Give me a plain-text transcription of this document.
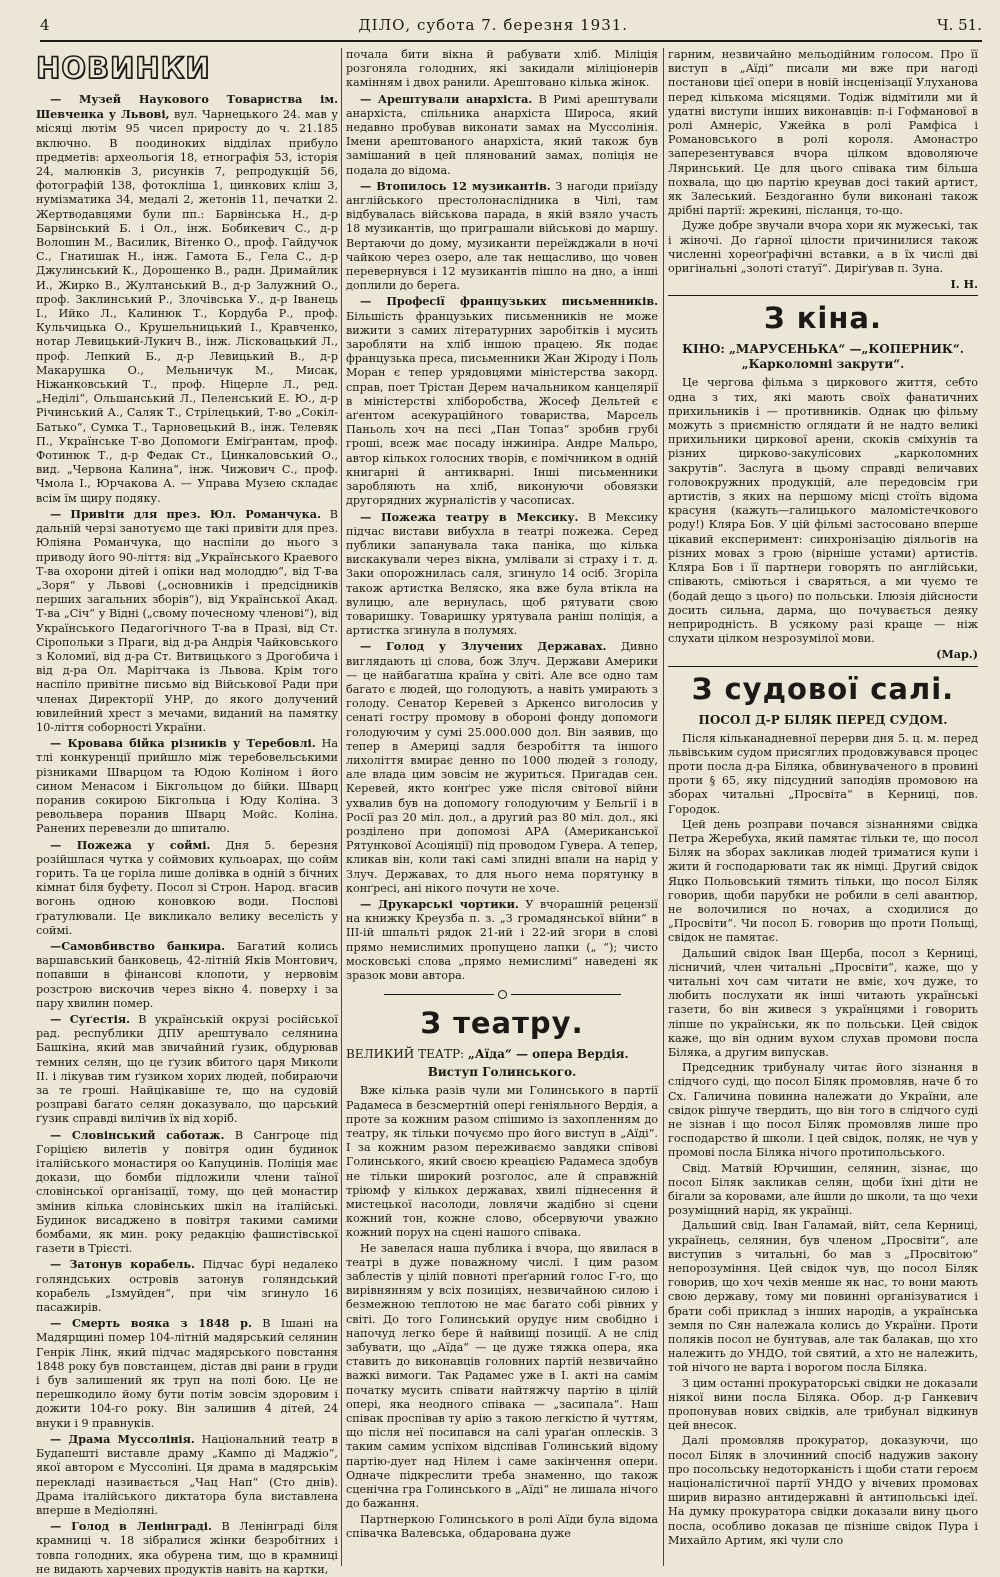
4	ДІЛО, субота 7. березня 1931.	Ч. 51.
НОВИНКИ

— Музей Наукового Товариства ім. Шевченка у Львові, вул. Чарнецького 24. мав у місяці лютім 95 чисел приросту до ч. 21.185 включно. В поодиноких відділах прибуло предметів: археольогія 18, етнографія 53, історія 24, малюнків 3, рисунків 7, репродукцій 56, фотографій 138, фотокліша 1, цинкових кліш 3, нумізматика 34, медалі 2, жетонів 11, печатки 2. Жертводавцями були пп.: Барвінська Н., д-р Барвінський Б. і Ол., інж. Бобикевич С., д-р Волошин М., Василик, Вітенко О., проф. Гайдучок С., Гнатишак Н., інж. Гамота Б., Гела С., д-р Джулинський К., Дорошенко В., радн. Дримайлик И., Жирко В., Жултанський В., д-р Залужний О., проф. Заклинський Р., Злочівська У., д-р Іванець І., Ийко Л., Калинюк Т., Кордуба Р., проф. Кульчицька О., Крушельницький І., Кравченко, нотар Левицький-Лукич В., інж. Лісковацький Л., проф. Лепкий Б., д-р Левицький В., д-р Макарушка О., Мельничук М., Мисак, Ніжанковський Т., проф. Ніцерле Л., ред. „Неділі“, Ольшанський Л., Пеленський Е. Ю., д-р Річинський А., Саляк Т., Стрілецький, Т-во „Сокіл-Батько“, Сумка Т., Тарновецький В., інж. Телевяк П., Українське Т-во Допомоги Еміґрантам, проф. Фотинюк Т., д-р Федак Ст., Цинкаловський О., вид. „Червона Калина“, інж. Чижович С., проф. Чмола І., Юрчакова А. — Управа Музею складає всім їм щиру подяку.

— Привіти для през. Юл. Романчука. В дальній черзі занотуємо ще такі привіти для през. Юліяна Романчука, що наспіли до нього з приводу його 90-ліття: від „Українського Краевого Т-ва охорони дітей і опіки над молоддю“, від Т-ва „Зоря“ у Львові („основників і предсідників перших загальних зборів“), від Української Акад. Т-ва „Січ“ у Відні („свому почесному членові“), від Українського Педагогічного Т-ва в Празі, від Ст. Сіропольки з Праги, від д-ра Андрія Чайковського з Коломиї, від д-ра Ст. Витвицького з Дрогобича і від д-ра Ол. Марітчака із Львова. Крім того наспіло привітне письмо від Військової Ради при членах Директорії УНР, до якого долучений ювилейний хрест з мечами, виданий на памятку 10-ліття соборності України.

— Кровава бійка різників у Теребовлі. На тлі конкуренції прийшло між теребовельськими різниками Шварцом та Юдою Коліном і його сином Менасом і Бікгольцом до бійки. Шварц поранив сокирою Бікгольца і Юду Коліна. З револьвера поранив Шварц Мойс. Коліна. Ранених перевезли до шпиталю.

— Пожежа у соймі. Дня 5. березня розійшлася чутка у соймових кульоарах, що сойм горить. Та це горіла лише долівка в одній з бічних кімнат біля буфету. Посол зі Строн. Народ. вгасив вогонь одною коновкою води. Послові ґратулювали. Це викликало велику веселість у соймі.

—Самовбивство банкира. Багатий колись варшавський банковець, 42-літній Яків Монтович, попавши в фінансові клопоти, у нервовім розстрою вискочив через вікно 4. поверху і за пару хвилин помер.

— Суґестія. В українській окрузі російської рад. республики ДПУ арештувало селянина Башкіна, який мав звичайний ґузик, обдурював темних селян, що це ґузик вбитого царя Миколи II. і лікував тим ґузиком хорих людей, побираючи за те гроші. Найцікавіше те, що на судовій розправі багато селян доказувало, що царський ґузик справді вилічив їх від хоріб.

— Словінський саботаж. В Сангроце під Горіцією вилетів у повітря один будинок італійського монастиря оо Капуцинів. Поліція має докази, що бомби підложили члени таїної словінської організації, тому, що цей монастир змінив кілька словінських шкіл на італійські. Будинок висаджено в повітря такими самими бомбами, як мин. року редакцію фашистівської газети в Трієсті.

— Затонув корабель. Підчас бурі недалеко голяндських островів затонув голяндський корабель „Ізмуйден“, при чім згинуло 16 пасажирів.

— Смерть вояка з 1848 р. В Ішані на Мадярщині помер 104-літній мадярський селянин Генрік Лінк, який підчас мадярського повстання 1848 року був повстанцем, дістав дві рани в груди і був залишений як труп на полі бою. Це не перешкодило йому бути потім зовсім здоровим і дожити 104-го року. Він залишив 4 дітей, 24 внуки і 9 правнуків.

— Драма Муссолінія. Національний театр в Будапешті виставле драму „Кампо ді Маджіо“, якої автором є Муссоліні. Ця драма в мадярськім перекладі називається „Чац Нап“ (Сто днів). Драма італійського диктатора була виставлена вперше в Медіоляні.

— Голод в Ленінграді. В Ленінграді біля крамниці ч. 18 зібралися жінки безробітних і товпа голодних, яка обурена тим, що в крамниці не видають харчевих продуктів навіть на картки,

почала бити вікна й рабувати хліб. Міліція розгоняла голодних, які закидали міліціонерів камінням і двох ранили. Арештовано кілька жінок.

— Арештували анархіста. В Римі арештували анархіста, спільника анархіста Широса, який недавно пробував виконати замах на Муссолінія. Імени арештованого анархіста, який також був замішаний в цей плянований замах, поліція не подала до відома.

— Втопилось 12 музикантів. З нагоди приїзду англійського престолонаслідника в Чілі, там відбувалась військова парада, в якій взяло участь 18 музикантів, що приграшали військові до маршу. Вертаючи до дому, музиканти переїжджали в ночі чайкою через озеро, але так нещасливо, що човен перевернувся і 12 музикантів пішло на дно, а інші доплили до берега.

— Професії французьких письменників. Більшість французьких письменників не може вижити з самих літературних заробітків і мусить заробляти на хліб іншою працею. Як подає французька преса, письменники Жан Жіроду і Поль Моран є тепер урядовцями міністерства закорд. справ, поет Трістан Дерем начальником канцелярії в міністерстві хліборобства, Жосеф Дельтей є аґентом асекураційного товариства, Марсель Паньоль хоч на пєсі „Пан Топаз“ зробив грубі гроші, всеж має посаду інжиніра. Андре Мальро, автор кількох голосних творів, є помічником в одній книгарні й антикварні. Інші письменники заробляють на хліб, виконуючи обовязки другорядних журналістів у часописах.

— Пожежа театру в Мексику. В Мексику підчас вистави вибухла в театрі пожежа. Серед публики запанувала така паніка, що кілька вискакували через вікна, умлівали зі страху і т. д. Заки опорожнилась саля, згинуло 14 осіб. Згоріла також артистка Веляско, яка вже була втікла на вулицю, але вернулась, щоб рятувати свою товаришку. Товаришку урятувала раніш поліція, а артистка згинула в полумях.

— Голод у Злучених Державах. Дивно виглядають ці слова, бож Злуч. Держави Америки — це найбагатша країна у світі. Але все одно там багато є людей, що голодують, а навіть умирають з голоду. Сенатор Керевей з Аркенсо виголосив у сенаті гостру промову в обороні фонду допомоги голодуючим у сумі 25.000.000 дол. Він заявив, що тепер в Америці задля безробіття та іншого лихоліття вмирає денно по 1000 людей з голоду, але влада цим зовсім не журиться. Пригадав сен. Керевей, якто конґрес уже після світової війни ухвалив був на допомогу голодуючим у Бельгії і в Росії раз 20 міл. дол., а другий раз 80 міл. дол., які розділено при допомозі АРА (Американської Рятункової Асоціяції) під проводом Гувера. А тепер, кликав він, коли такі самі злидні впали на нарід у Злуч. Державах, то для нього нема порятунку в конґресі, ані нікого почути не хоче.

— Друкарські чортики. У вчорашній рецензії на книжку Креузба п. з. „З громадянської війни“ в III-ій шпальті рядок 21-ий і 22-ий згори в слові прямо немислимих пропущено лапки („ “); чисто московські слова „прямо немислимі“ наведені як зразок мови автора.

З театру.
ВЕЛИКИЙ ТЕАТР: „Аїда“ — опера Вердія.
Виступ Голинського.

Вже кілька разів чули ми Голинського в партії Радамеса в безсмертній опері геніяльного Вердія, а проте за кожним разом спішимо із захопленням до театру, як тільки почуємо про його виступ в „Аїді“. І за кожним разом переживаємо завдяки співові Голинського, який своєю креацією Радамеса здобув не тільки широкий розголос, але й справжній тріюмф у кількох державах, хвилі піднесення й мистецької насолоди, ловлячи жадібно зі сцени кожний тон, кожне слово, обсервуючи уважно кожний порух на сцені нашого співака.

Не завелася наша публика і вчора, що явилася в театрі в дуже поважному числі. І цим разом заблестів у цілій повноті преґарний голос Г-го, що вирівнянням у всіх позиціях, незвичайною силою і безмежною теплотою не має багато собі рівних у світі. До того Голинський орудує ним свобідно і напочуд легко бере й найвищі позиції. А не слід забувати, що „Аїда“ — це дуже тяжка опера, яка ставить до виконавців головних партій незвичайно важкі вимоги. Так Радамес уже в І. акті на самім початку мусить співати найтяжчу партію в цілій опері, яка неодного співака — „засипала“. Наш співак проспівав ту арію з такою легкістю й чуттям, що після неї посипався на салі ураґан оплесків. З таким самим успіхом відспівав Голинський відому партію-дует над Нілем і саме закінчення опери. Одначе підкреслити треба знаменно, що також сценічна гра Голинського в „Аїді“ не лишала нічого до бажання.

Партнеркою Голинського в ролі Аїди була відома співачка Валевська, обдарована дуже

гарним, незвичайно мельодійним голосом. Про її виступ в „Аїді“ писали ми вже при нагоді постанови цієї опери в новій інсценізації Улуханова перед кількома місяцями. Тодіж відмітили ми й удатні виступи інших виконавців: п-і Гофманової в ролі Амнеріс, Ужейка в ролі Рамфіса і Романовського в ролі короля. Амонастро заперезентувався вчора цілком вдоволяюче Ляринський. Це для цього співака тим більша похвала, що цю партію креував досі такий артист, як Залеський. Бездоганно були виконані також дрібні партії: жрекині, післанця, то-що.

Дуже добре звучали вчора хори як мужеські, так і жіночі. До ґарної цілости причинилися також численні хореоґрафічні вставки, а в їх числі дві оригінальні „золоті статуї“. Диріґував п. Зуна.

І. Н.
З кіна.
КІНО: „МАРУСЕНЬКА“ —„КОПЕРНИК“. „Карколомні закрути“.

Це чергова фільма з циркового життя, себто одна з тих, які мають своїх фанатичних прихильників і — противників. Однак цю фільму можуть з приємністю оглядати й не надто великі прихильники циркової арени, скоків сміхунів та різних цирково-закулісових „карколомних закрутів“. Заслуга в цьому справді величавих головокружних продукцій, але передовсім гри артистів, з яких на першому місці стоїть відома красуня (кажуть—галицького маломістечкового роду!) Кляра Бов. У цій фільмі застосовано вперше цікавий експеримент: синхронізацію діяльогів на різних мовах з грою (вірніше устами) артистів. Кляра Бов і її партнери говорять по англійськи, співають, сміються і сваряться, а ми чуємо те (бодай дещо з цього) по польськи. Ілюзія дійсности досить сильна, дарма, що почувається деяку неприродність. В усякому разі краще — ніж слухати цілком незрозумілої мови.

(Мар.)
З судової салі.
ПОСОЛ Д-Р БІЛЯК ПЕРЕД СУДОМ.

Після кільканадневної перерви дня 5. ц. м. перед львівським судом присяглих продовжувався процес проти посла д-ра Біляка, обвинуваченого в провині проти § 65, яку підсудний заподіяв промовою на зборах читальні „Просвіта“ в Керниці, пов. Городок.

Цей день розправи почався зізнаннями свідка Петра Жеребуха, який памятає тільки те, що посол Біляк на зборах закликав людей триматися купи і жити й господарювати так як німці. Другий свідок Яцко Польовський тямить тільки, що посол Біляк говорив, щоби парубки не робили в селі авантюр, не волочилися по ночах, а сходилися до „Просвіти“. Чи посол Б. говорив що проти Польщі, свідок не памятає.

Дальший свідок Іван Щерба, посол з Керниці, лісничий, член читальні „Просвіти“, каже, що у читальні хоч сам читати не вміє, хоч дуже, то любить послухати як інші читають українські газети, бо він живеся з українцями і говорить ліпше по українськи, як по польськи. Цей свідок каже, що він одним вухом слухав промови посла Біляка, а другим випускав.

Председник трибуналу читає його зізнання в слідчого суді, що посол Біляк промовляв, наче б то Сх. Галичина повинна належати до України, але свідок рішуче твердить, що він того в слідчого суді не зізнав і що посол Біляк промовляв лише про господарство й школи. І цей свідок, поляк, не чув у промові посла Біляка нічого протипольського.

Свід. Матвій Юрчишин, селянин, зізнає, що посол Біляк закликав селян, щоби їхні діти не бігали за коровами, але йшли до школи, та що чехи розуміщний нарід, як українці.

Дальший свід. Іван Галамай, війт, села Керниці, українець, селянин, був членом „Просвіти“, але виступив з читальні, бо мав з „Просвітою“ непорозуміння. Цей свідок чув, що посол Біляк говорив, що хоч чехів менше як нас, то вони мають свою державу, тому ми повинні організуватися і брати собі приклад з інших народів, а українська земля по Сян належала колись до України. Проти поляків посол не бунтував, але так балакав, що хто належить до УНДО, той святий, а хто не належить, той нічого не варта і ворогом посла Біляка.

З цим останні прокураторські свідки не доказали ніякої вини посла Біляка. Обор. д-р Ганкевич пропонував нових свідків, але трибунал відкинув цей внесок.

Далі промовляв прокуратор, доказуючи, що посол Біляк в злочинний спосіб надужив закону про посольську недоторканість і щоби стати героєм націоналістичної партії УНДО у вічевих промовах ширив виразно антидержавні й антипольські ідеї. На думку прокуратора свідки доказали вину цього посла, особливо доказав це пізніше свідок Пура і Михайло Артим, які чули сло
